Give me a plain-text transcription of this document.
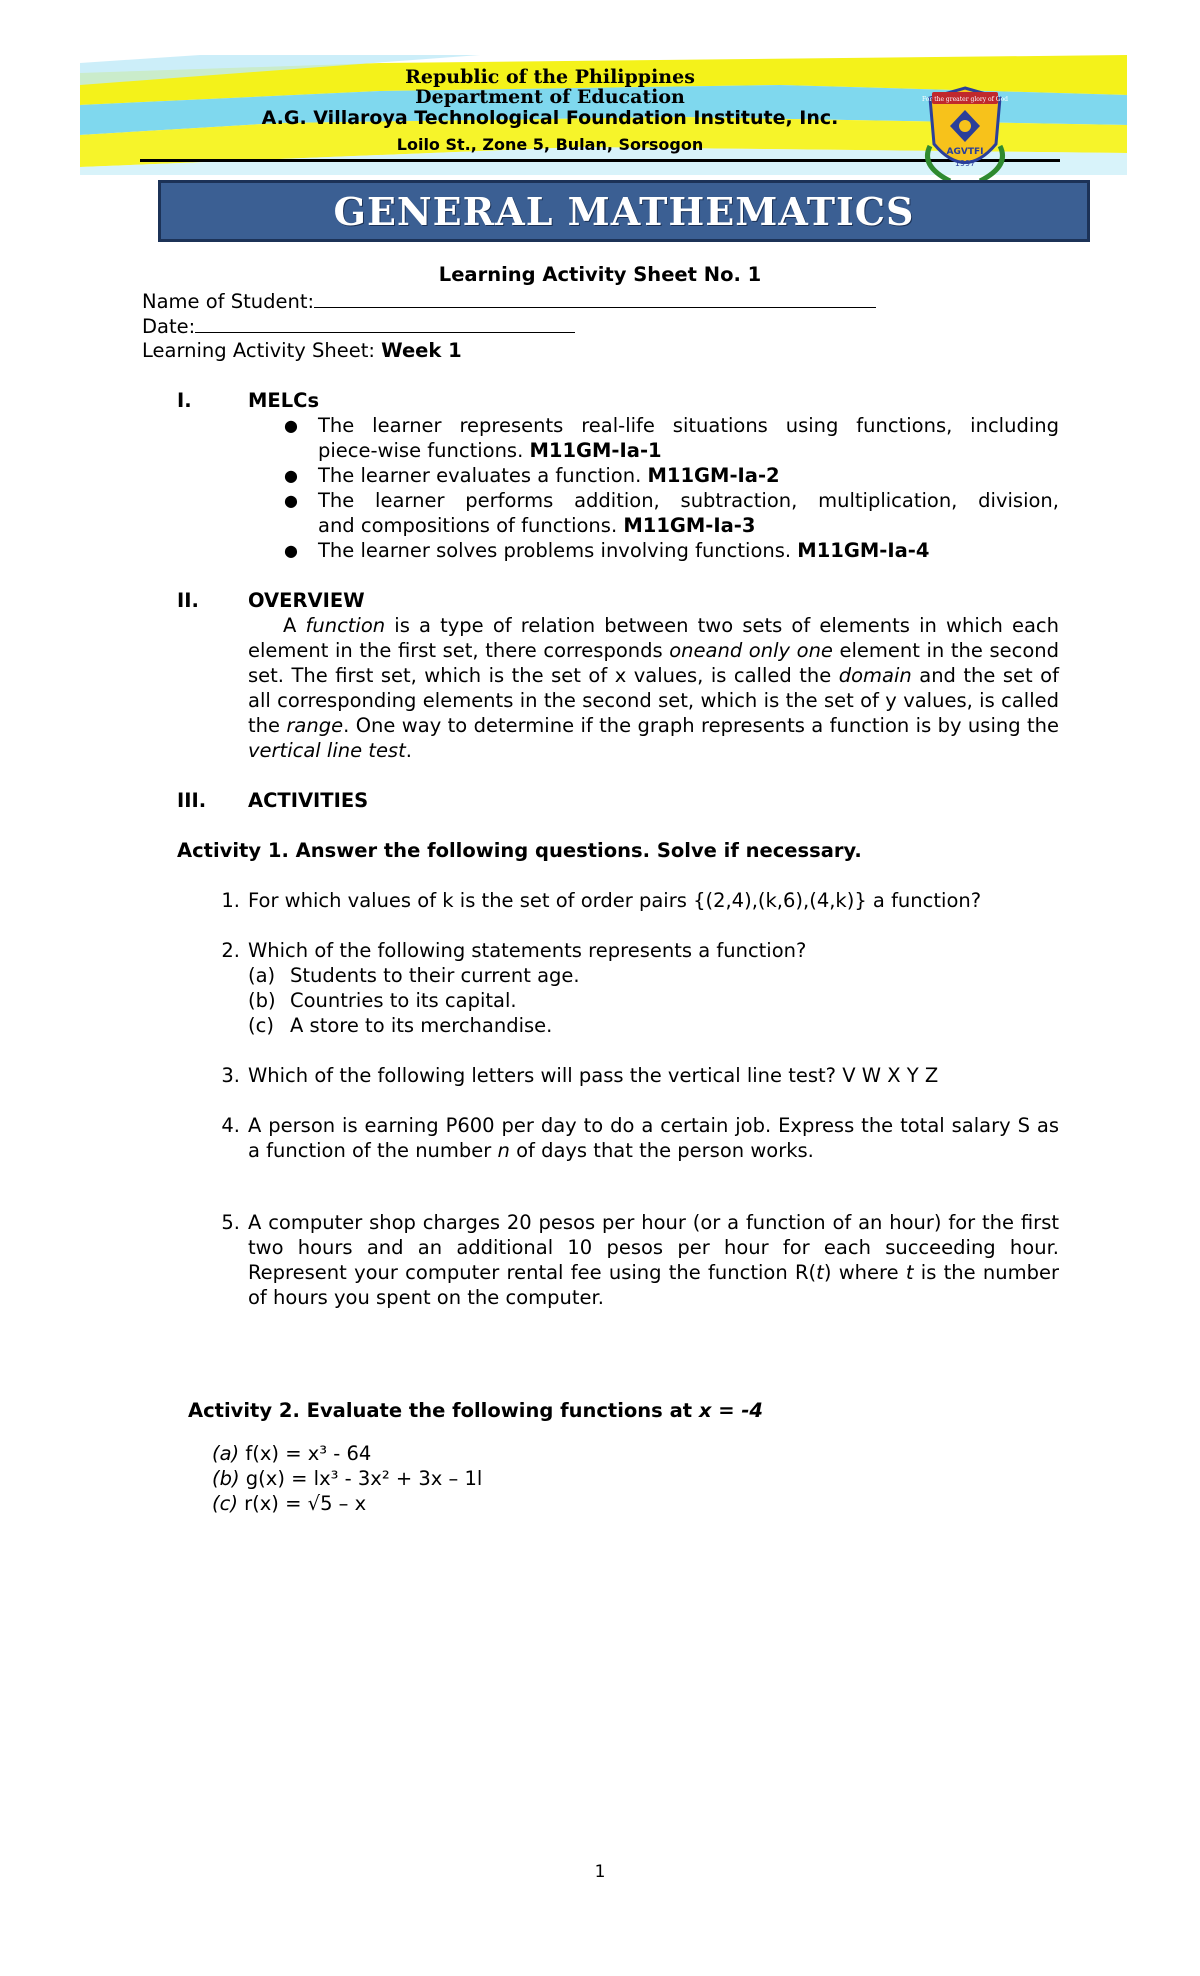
Republic of the Philippines
Department of Education
A.G. Villaroya Technological Foundation Institute, Inc.
Loilo St., Zone 5, Bulan, Sorsogon
For the greater glory of God
AGVTFI
1997
GENERAL MATHEMATICS
Learning Activity Sheet No. 1
Name of Student:
Date:
Learning Activity Sheet: Week 1
I.	MELCs
● The learner represents real-life situations using functions, including
piece-wise functions. M11GM-Ia-1
● The learner evaluates a function. M11GM-Ia-2
● The learner performs addition, subtraction, multiplication, division,
and compositions of functions. M11GM-Ia-3
● The learner solves problems involving functions. M11GM-Ia-4
II.	OVERVIEW
A function is a type of relation between two sets of elements in which each element in the first set, there corresponds oneand only one element in the second set. The first set, which is the set of x values, is called the domain and the set of all corresponding elements in the second set, which is the set of y values, is called the range. One way to determine if the graph represents a function is by using the vertical line test.
III. ACTIVITIES
Activity 1. Answer the following questions. Solve if necessary.
1. For which values of k is the set of order pairs {(2,4),(k,6),(4,k)} a function?
2. Which of the following statements represents a function?
(a) Students to their current age.
(b) Countries to its capital.
(c) A store to its merchandise.
3. Which of the following letters will pass the vertical line test? V W X Y Z
4. A person is earning P600 per day to do a certain job. Express the total salary S as a function of the number n of days that the person works.
5. A computer shop charges 20 pesos per hour (or a function of an hour) for the first two hours and an additional 10 pesos per hour for each succeeding hour. Represent your computer rental fee using the function R(t) where t is the number of hours you spent on the computer.
Activity 2. Evaluate the following functions at x = -4
(a) f(x) = x³ - 64
(b) g(x) = lx³ - 3x² + 3x – 1l
(c) r(x) = √5 – x
1
